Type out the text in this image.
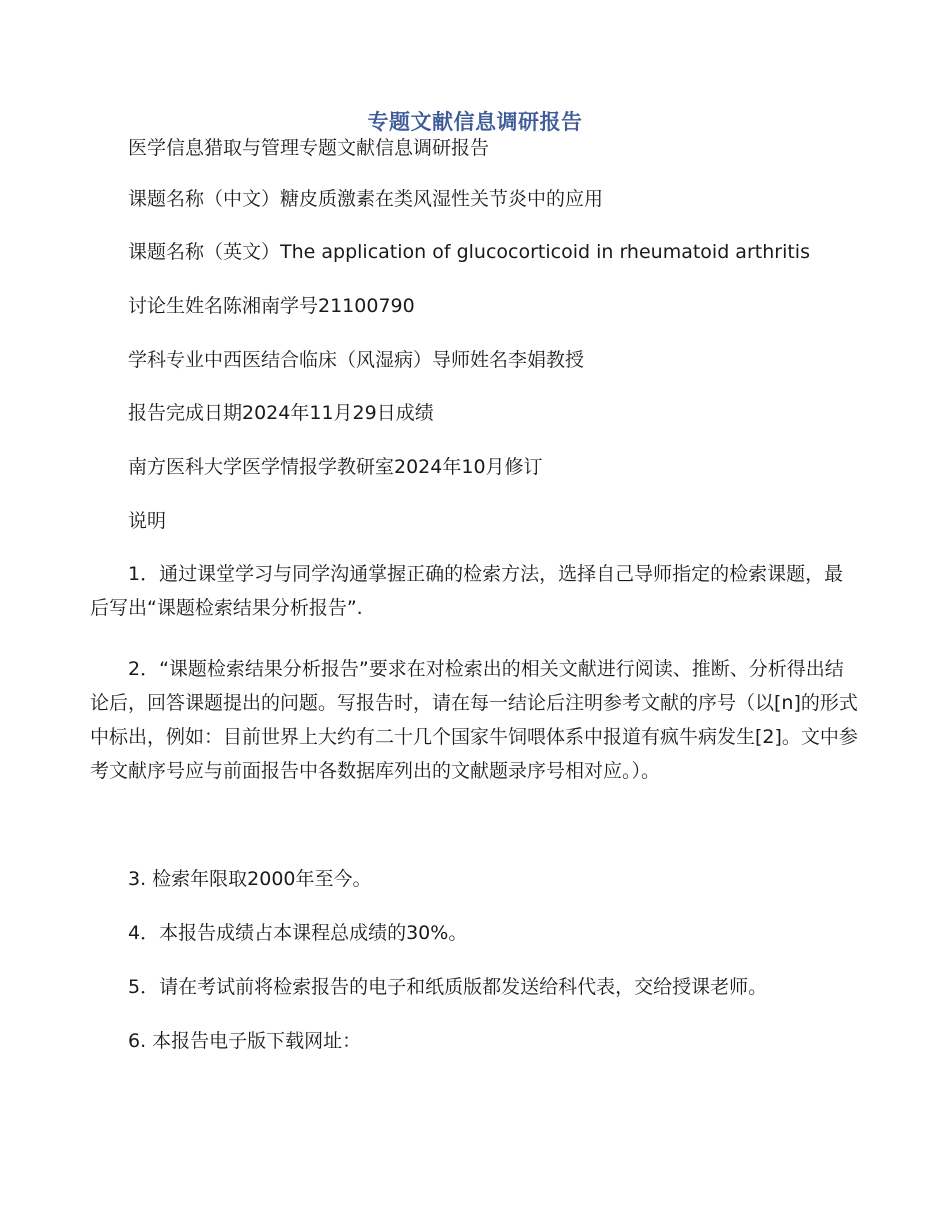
专题文献信息调研报告
医学信息猎取与管理专题文献信息调研报告
课题名称（中文）糖皮质激素在类风湿性关节炎中的应用
课题名称（英文）The application of glucocorticoid in rheumatoid arthritis
讨论生姓名陈湘南学号21100790
学科专业中西医结合临床（风湿病）导师姓名李娟教授
报告完成日期2024年11月29日成绩
南方医科大学医学情报学教研室2024年10月修订
说明
1．通过课堂学习与同学沟通掌握正确的检索方法，选择自己导师指定的检索课题，最后写出“课题检索结果分析报告”.
2．“课题检索结果分析报告”要求在对检索出的相关文献进行阅读、推断、分析得出结论后，回答课题提出的问题。写报告时，请在每一结论后注明参考文献的序号（以[n]的形式中标出，例如：目前世界上大约有二十几个国家牛饲喂体系中报道有疯牛病发生[2]。文中参考文献序号应与前面报告中各数据库列出的文献题录序号相对应。）。
3. 检索年限取2000年至今。
4．本报告成绩占本课程总成绩的30%。
5．请在考试前将检索报告的电子和纸质版都发送给科代表，交给授课老师。
6. 本报告电子版下载网址：
